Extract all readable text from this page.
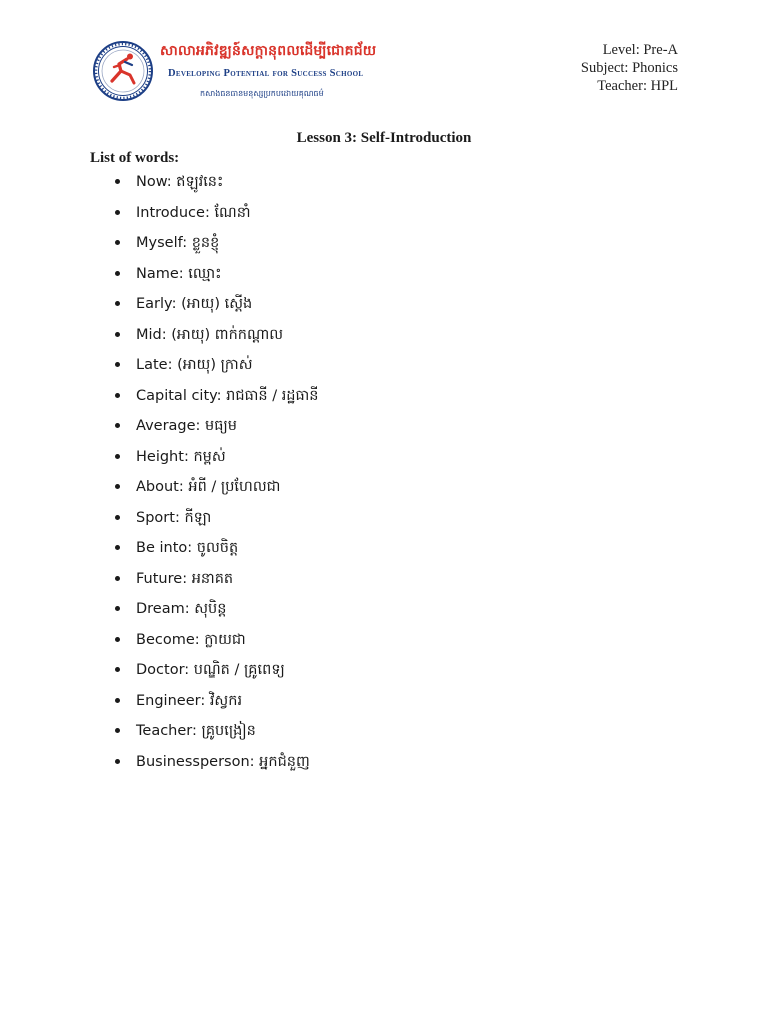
សាលាអភិវឌ្ឍន៍សក្តានុពលដើម្បីជោគជ័យ
Developing Potential for Success School
កសាងធនធានមនុស្សប្រកបដោយគុណធម៌
Level: Pre-A
Subject: Phonics
Teacher: HPL
Lesson 3: Self-Introduction
List of words:
Now: ឥឡូវនេះ
Introduce: ណែនាំ
Myself: ខ្លួនខ្ញុំ
Name: ឈ្មោះ
Early: (អាយុ) ស្ដើង
Mid: (អាយុ) ពាក់កណ្ដាល
Late: (អាយុ) ក្រាស់
Capital city: រាជធានី / រដ្ឋធានី
Average: មធ្យម
Height: កម្ពស់
About: អំពី / ប្រហែលជា
Sport: កីឡា
Be into: ចូលចិត្ត
Future: អនាគត
Dream: សុបិន្ត
Become: ក្លាយជា
Doctor: បណ្ឌិត / គ្រូពេទ្យ
Engineer: វិស្វករ
Teacher: គ្រូបង្រៀន
Businessperson: អ្នកជំនួញ
